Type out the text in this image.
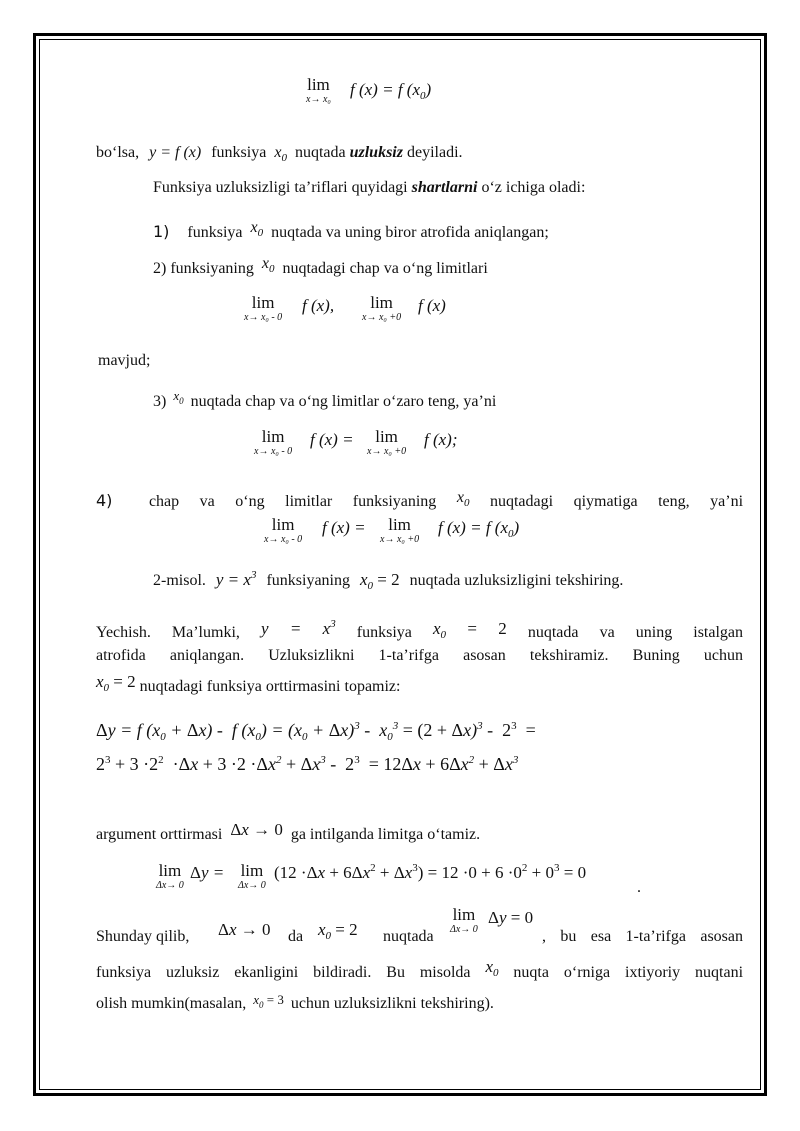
lim
x→ x₀
f (x) = f $(x_0)$
bo‘lsa, y = f (x) funksiya $x_0$ nuqtada uzluksiz deyiladi.
Funksiya uzluksizligi ta’riflari quyidagi shartlarni o‘z ichiga oladi:
1) funksiya $x_0$ nuqtada va uning biror atrofida aniqlangan;
2) funksiyaning $x_0$ nuqtadagi chap va o‘ng limitlari
lim
x→ x₀ - 0
f (x),	lim
x→ x₀ +0
f (x)
mavjud;
3) $^{x_0}$ nuqtada chap va o‘ng limitlar o‘zaro teng, ya’ni
lim
x→ x₀ - 0
f (x) =	lim
x→ x₀ +0
f (x);
4) chap va o‘ng limitlar funksiyaning $x_0$ nuqtadagi qiymatiga teng, ya’ni
lim
x→ x₀ - 0
f (x) =	lim
x→ x₀ +0
f (x) = f $(x_0)$
2-misol. $y = x^3$ funksiyaning $x_0 = 2$ nuqtada uzluksizligini tekshiring.
Yechish. Ma’lumki, $y = x^3$ funksiya $x_0 = 2$ nuqtada va uning istalgan
atrofida aniqlangan. Uzluksizlikni 1-ta’rifga asosan tekshiramiz. Buning uchun
$x_0 = 2$ nuqtadagi funksiya orttirmasini topamiz:
Δy = f $(x_0 + \Delta x) - f$ $(x_0) = (x_0 + \Delta x)^3 - x_0^3 = (2 + \Delta x)^3 - 2^3$  =
$2^3 + 3 \cdot 2^2 \cdot\Delta x + 3 \cdot 2 \cdot\Delta x^2 + \Delta x^3 - 2^3 = 12\Delta x + 6\Delta x^2 + \Delta x^3$
argument orttirmasi Δx → 0 ga intilganda limitga o‘tamiz.
lim
Δx→ 0
Δy = lim
Δx→ 0
$(12 \cdot\Delta x + 6\Delta x^2 + \Delta x^3) = 12 \cdot 0 + 6 \cdot 0^2 + 0^3 = 0$
.
Shunday qilib, Δx → 0 da $x_0 = 2$ nuqtada
lim
Δx→ 0
Δy = 0
, bu esa 1-ta’rifga asosan
funksiya uzluksiz ekanligini bildiradi. Bu misolda $x_0$ nuqta o‘rniga ixtiyoriy nuqtani
olish mumkin(masalan, $^{x_0 = 3}$ uchun uzluksizlikni tekshiring).
